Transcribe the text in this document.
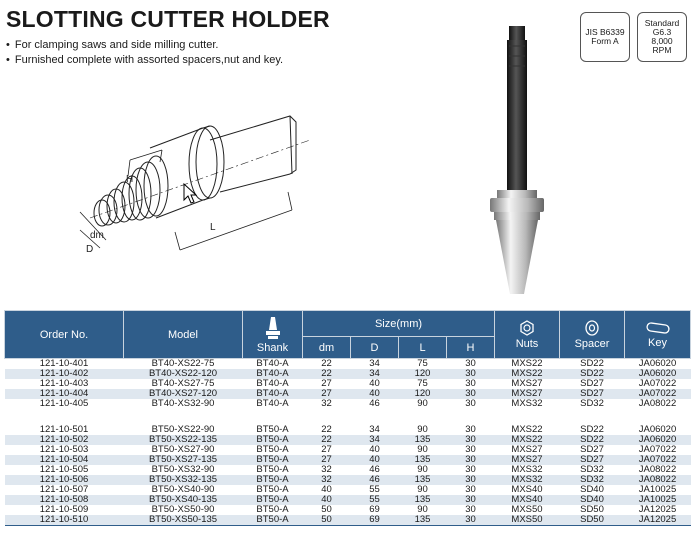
SLOTTING CUTTER HOLDER
• For clamping saws and side milling cutter.
• Furnished complete with assorted spacers,nut and key.
JIS B6339
Form A
Standard
G6.3
8,000
RPM
H
dm
D
L
Order No.	Model	Shank	Size(mm)				Nuts	Spacer	Key
			dm	D	L	H			
121-10-401	BT40-XS22-75	BT40-A	22	34	75	30	MXS22	SD22	JA06020
121-10-402	BT40-XS22-120	BT40-A	22	34	120	30	MXS22	SD22	JA06020
121-10-403	BT40-XS27-75	BT40-A	27	40	75	30	MXS27	SD27	JA07022
121-10-404	BT40-XS27-120	BT40-A	27	40	120	30	MXS27	SD27	JA07022
121-10-405	BT40-XS32-90	BT40-A	32	46	90	30	MXS32	SD32	JA08022

121-10-501	BT50-XS22-90	BT50-A	22	34	90	30	MXS22	SD22	JA06020
121-10-502	BT50-XS22-135	BT50-A	22	34	135	30	MXS22	SD22	JA06020
121-10-503	BT50-XS27-90	BT50-A	27	40	90	30	MXS27	SD27	JA07022
121-10-504	BT50-XS27-135	BT50-A	27	40	135	30	MXS27	SD27	JA07022
121-10-505	BT50-XS32-90	BT50-A	32	46	90	30	MXS32	SD32	JA08022
121-10-506	BT50-XS32-135	BT50-A	32	46	135	30	MXS32	SD32	JA08022
121-10-507	BT50-XS40-90	BT50-A	40	55	90	30	MXS40	SD40	JA10025
121-10-508	BT50-XS40-135	BT50-A	40	55	135	30	MXS40	SD40	JA10025
121-10-509	BT50-XS50-90	BT50-A	50	69	90	30	MXS50	SD50	JA12025
121-10-510	BT50-XS50-135	BT50-A	50	69	135	30	MXS50	SD50	JA12025
